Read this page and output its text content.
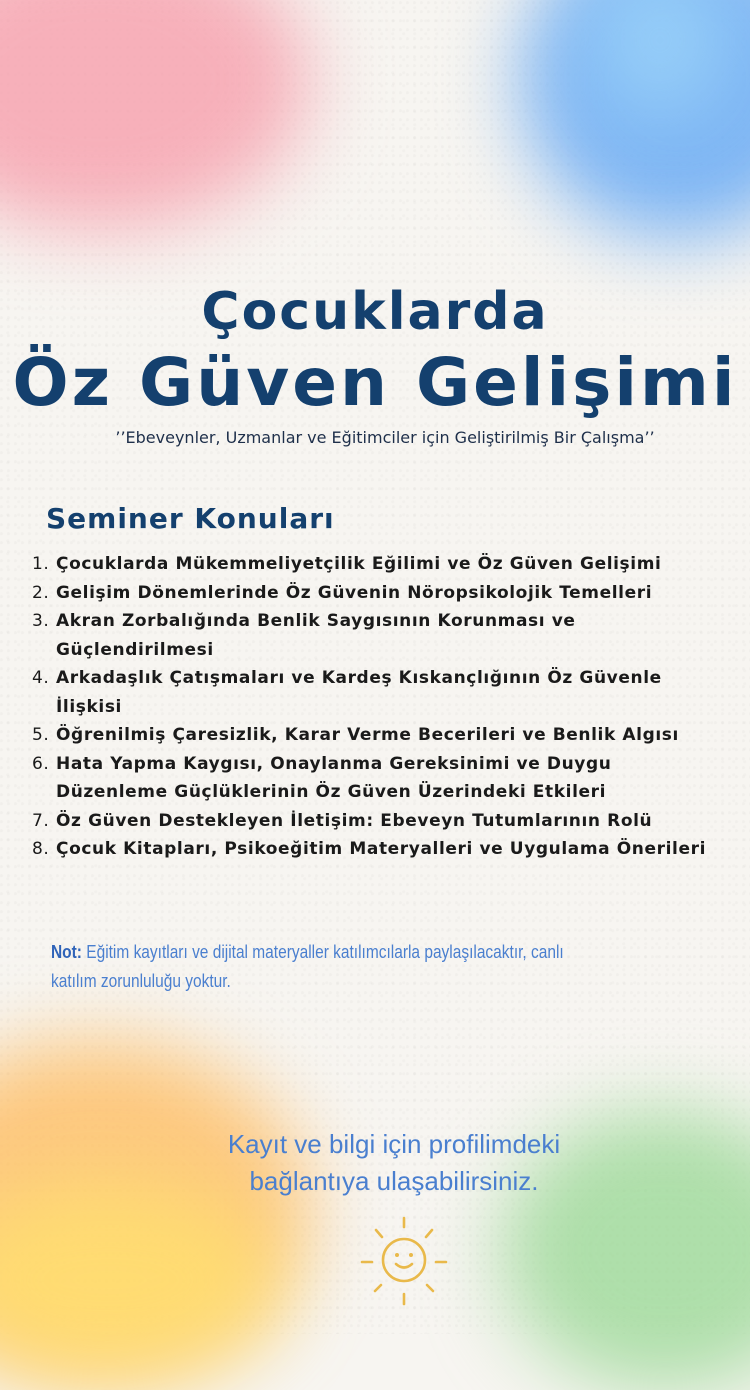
Çocuklarda
Öz Güven Gelişimi

’’Ebeveynler, Uzmanlar ve Eğitimciler için Geliştirilmiş Bir Çalışma’’

Seminer Konuları
1. Çocuklarda Mükemmeliyetçilik Eğilimi ve Öz Güven Gelişimi
2. Gelişim Dönemlerinde Öz Güvenin Nöropsikolojik Temelleri
3. Akran Zorbalığında Benlik Saygısının Korunması ve Güçlendirilmesi
4. Arkadaşlık Çatışmaları ve Kardeş Kıskançlığının Öz Güvenle İlişkisi
5. Öğrenilmiş Çaresizlik, Karar Verme Becerileri ve Benlik Algısı
6. Hata Yapma Kaygısı, Onaylanma Gereksinimi ve Duygu Düzenleme Güçlüklerinin Öz Güven Üzerindeki Etkileri
7. Öz Güven Destekleyen İletişim: Ebeveyn Tutumlarının Rolü
8. Çocuk Kitapları, Psikoeğitim Materyalleri ve Uygulama Önerileri

Not: Eğitim kayıtları ve dijital materyaller katılımcılarla paylaşılacaktır, canlı katılım zorunluluğu yoktur.

Kayıt ve bilgi için profilimdeki
bağlantıya ulaşabilirsiniz.
